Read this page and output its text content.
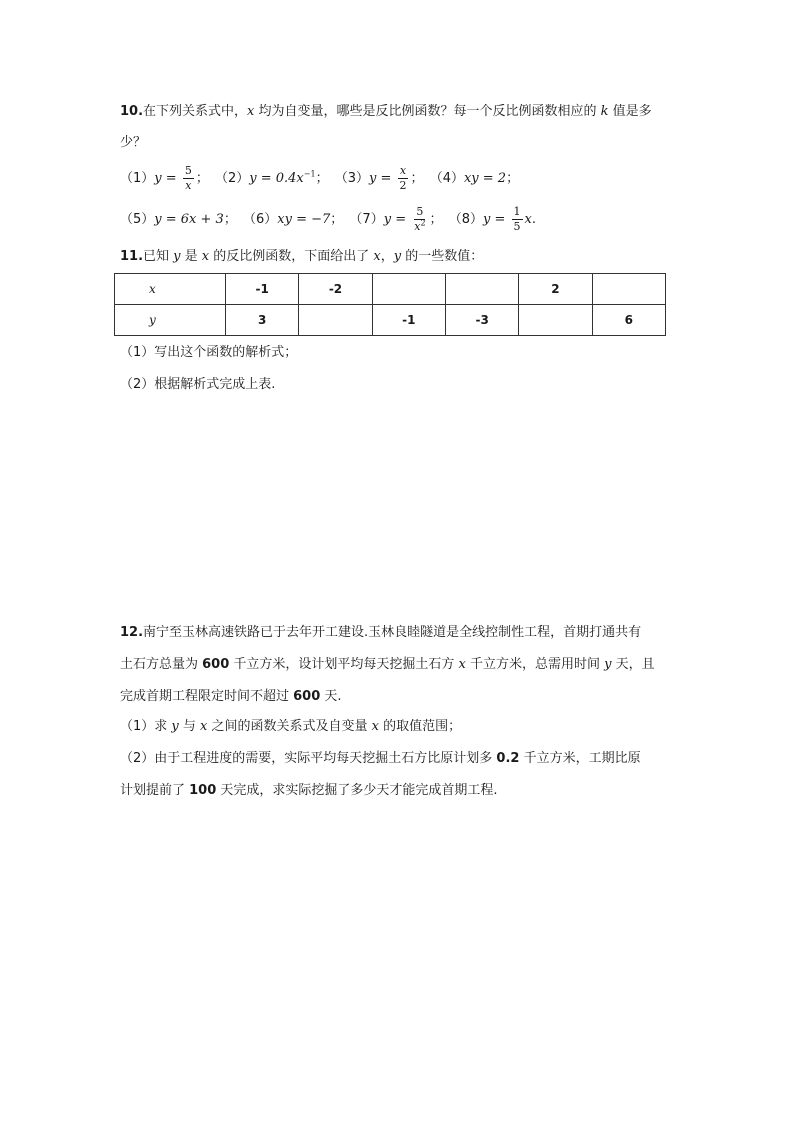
10.在下列关系式中，x 均为自变量，哪些是反比例函数？每一个反比例函数相应的 k 值是多
少？
$(1)y = \frac{5}{x}$ ； $(2)y = 0.4x^{-1}$； $(3)y = \frac{x}{2}$ ； （4）xy = 2；
（5）y = 6x + 3； （6）xy = −7； $(7)y = \frac{5}{x^2}$ ； $(8)y = \frac{1}{5} x$.
11.已知 y 是 x 的反比例函数，下面给出了 x，y 的一些数值：
x	-1	-2			2	
y	3		-1	-3		6
（1）写出这个函数的解析式；
（2）根据解析式完成上表.
12.南宁至玉林高速铁路已于去年开工建设.玉林良睦隧道是全线控制性工程，首期打通共有
土石方总量为 600 千立方米，设计划平均每天挖掘土石方 x 千立方米，总需用时间 y 天，且
完成首期工程限定时间不超过 600 天.
（1）求 y 与 x 之间的函数关系式及自变量 x 的取值范围；
（2）由于工程进度的需要，实际平均每天挖掘土石方比原计划多 0.2 千立方米，工期比原
计划提前了 100 天完成，求实际挖掘了多少天才能完成首期工程.
